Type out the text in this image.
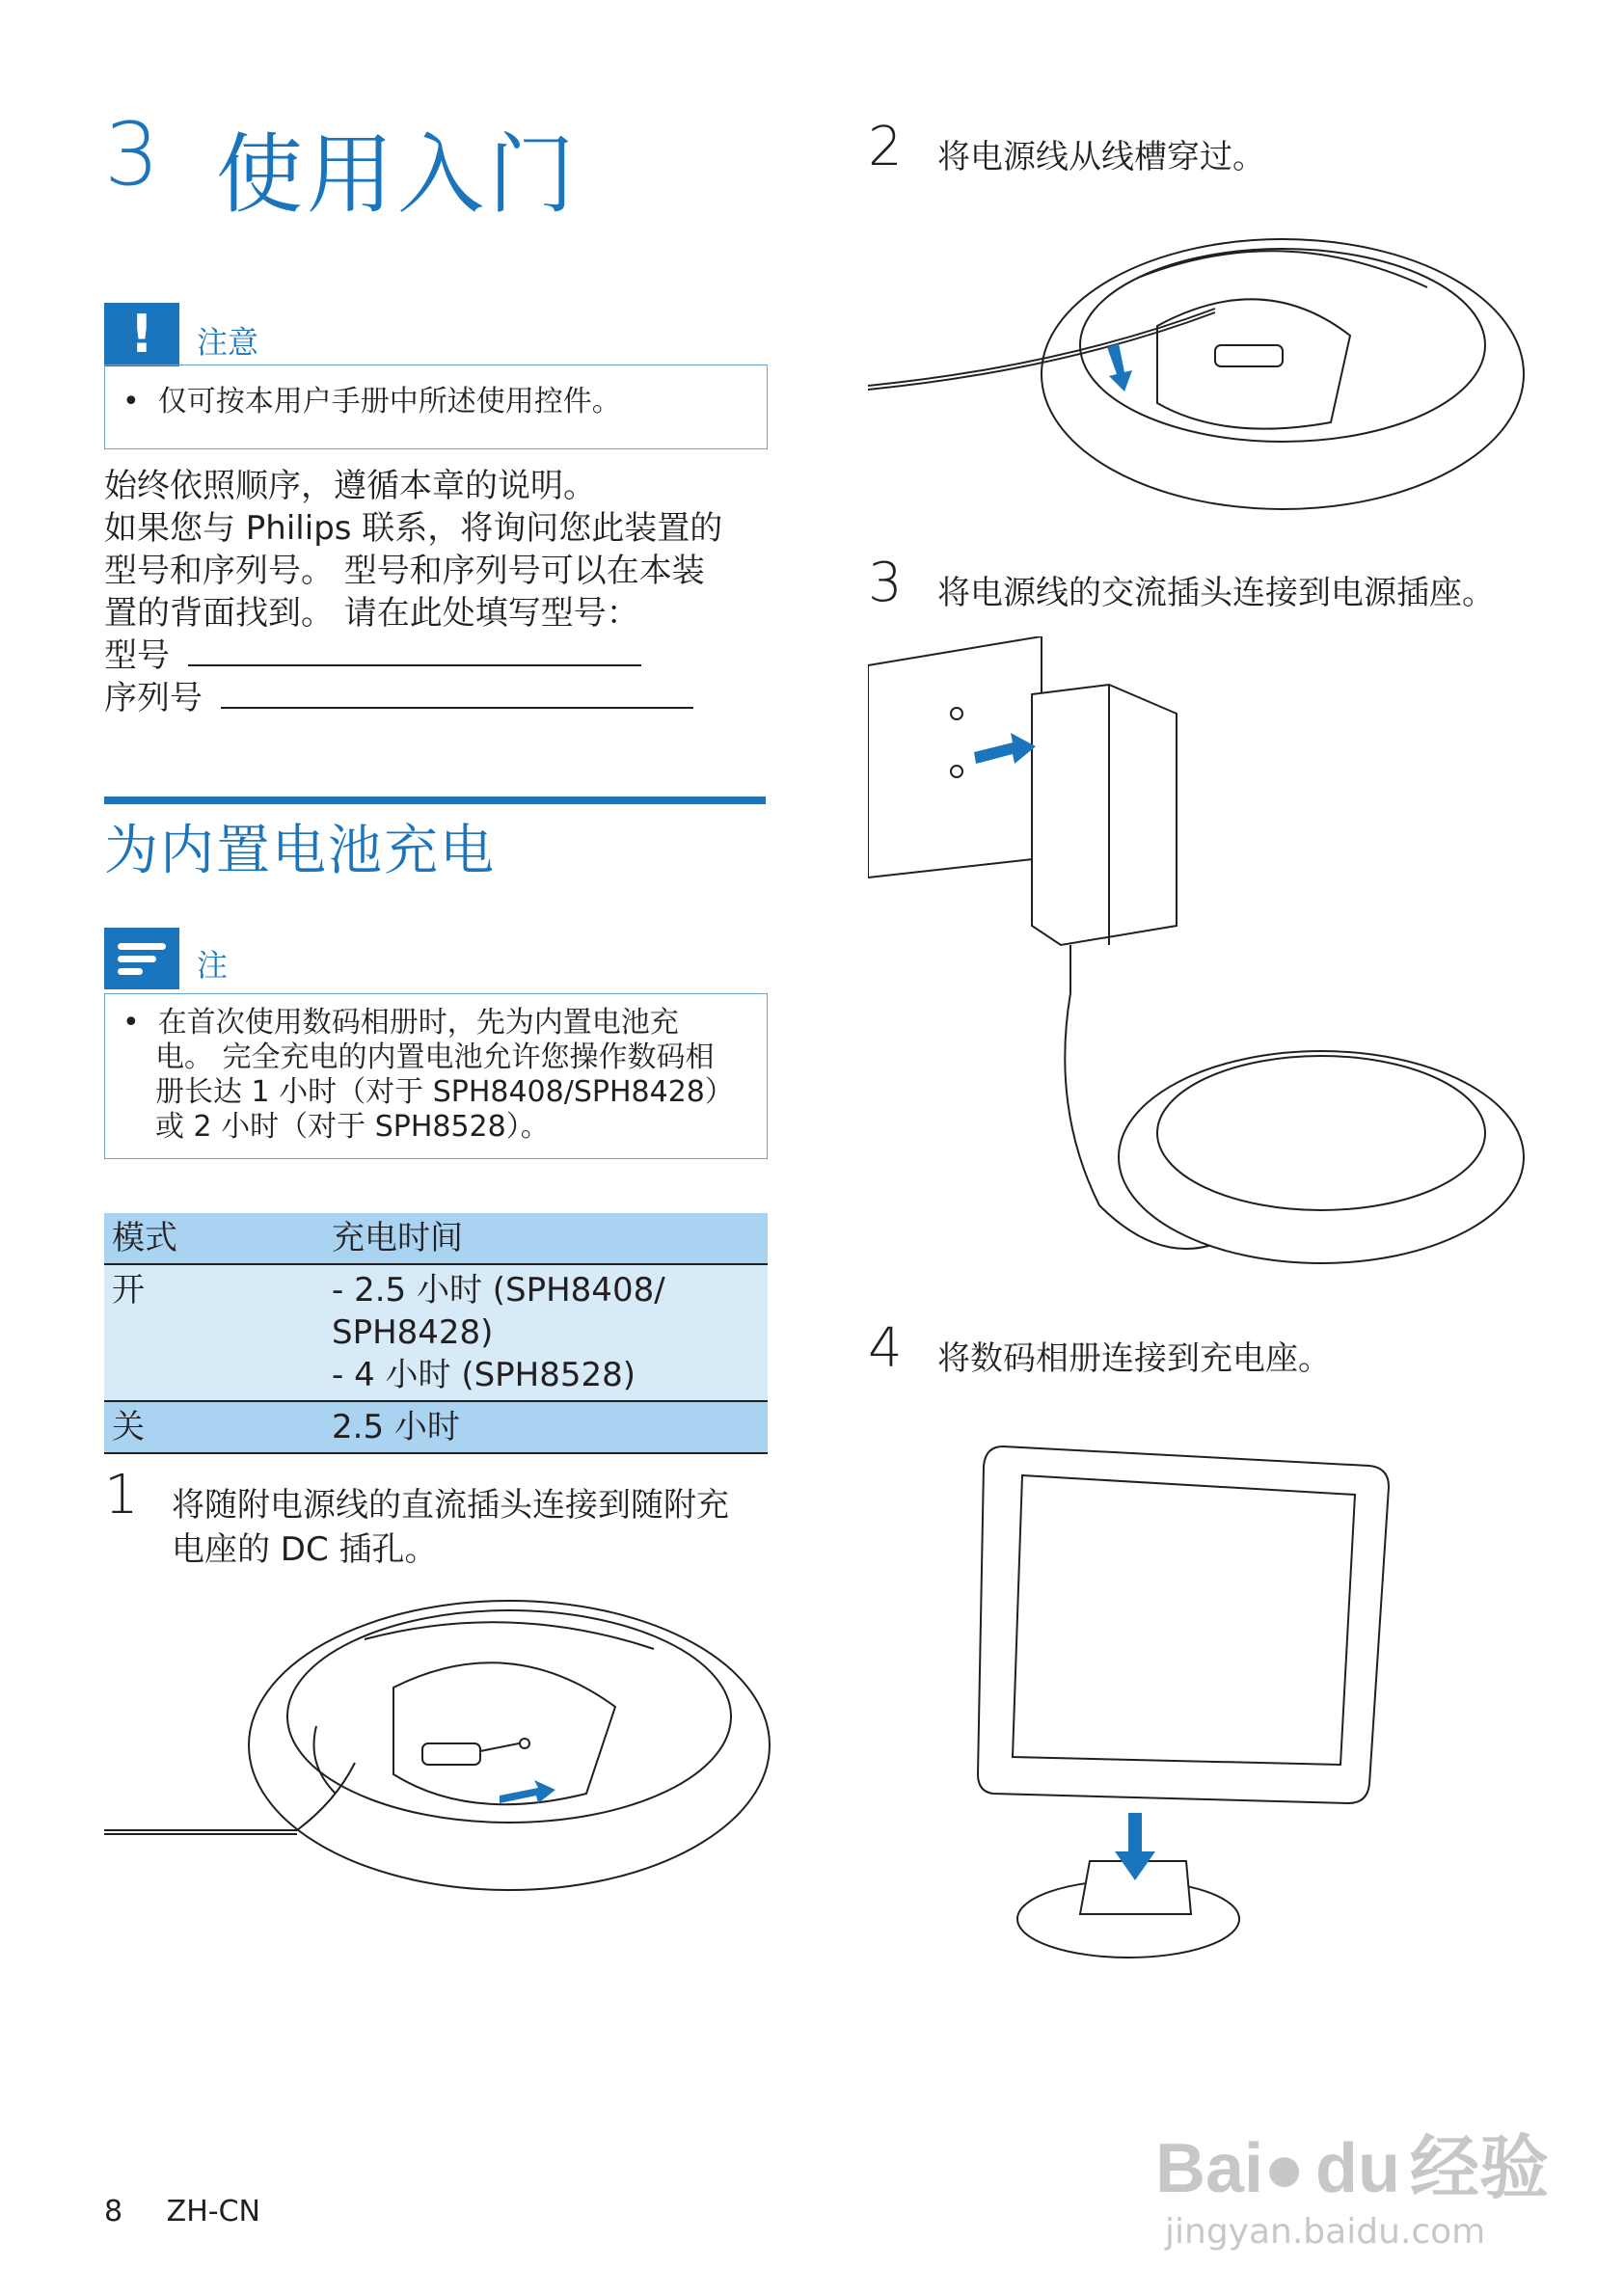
3 使用入门
!	注意
• 仅可按本用户手册中所述使用控件。
始终依照顺序，遵循本章的说明。
如果您与 Philips 联系，将询问您此装置的
型号和序列号。 型号和序列号可以在本装
置的背面找到。 请在此处填写型号：
型号
序列号
为内置电池充电
注
• 在首次使用数码相册时，先为内置电池充
电。 完全充电的内置电池允许您操作数码相
册长达 1 小时（对于 SPH8408/SPH8428）
或 2 小时（对于 SPH8528）。
模式	充电时间
开	- 2.5 小时 (SPH8408/
SPH8428)
- 4 小时 (SPH8528)

关	2.5 小时
1 将随附电源线的直流插头连接到随附充
电座的 DC 插孔。
2 将电源线从线槽穿过。
3 将电源线的交流插头连接到电源插座。
4 将数码相册连接到充电座。
8 ZH-CN
Bai● du 经验
jingyan.baidu.com
